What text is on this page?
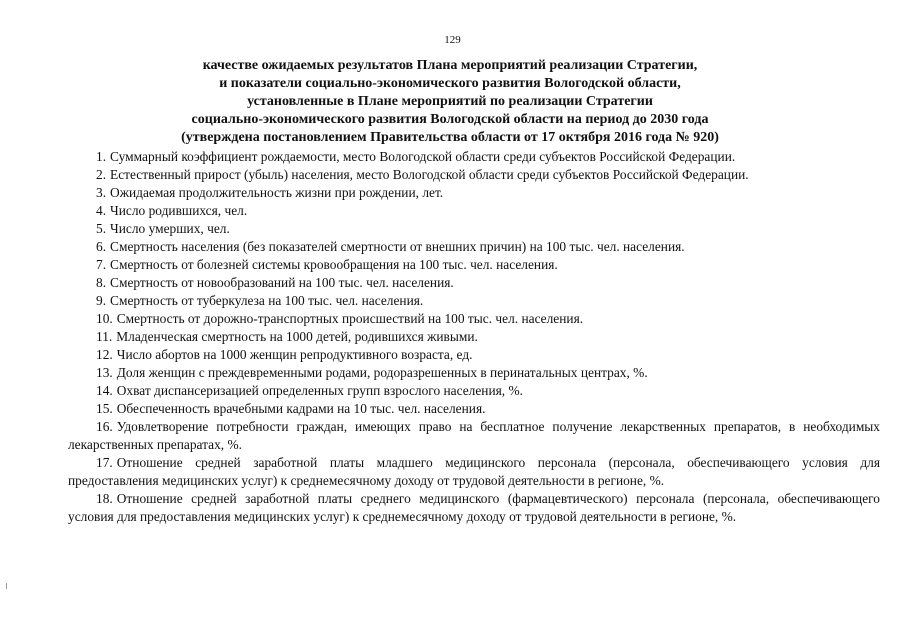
129
качестве ожидаемых результатов Плана мероприятий реализации Стратегии,
и показатели социально-экономического развития Вологодской области,
установленные в Плане мероприятий по реализации Стратегии
социально-экономического развития Вологодской области на период до 2030 года
(утверждена постановлением Правительства области от 17 октября 2016 года № 920)

1. Суммарный коэффициент рождаемости, место Вологодской области среди субъектов Российской Федерации.

2. Естественный прирост (убыль) населения, место Вологодской области среди субъектов Российской Федерации.

3. Ожидаемая продолжительность жизни при рождении, лет.

4. Число родившихся, чел.

5. Число умерших, чел.

6. Смертность населения (без показателей смертности от внешних причин) на 100 тыс. чел. населения.

7. Смертность от болезней системы кровообращения на 100 тыс. чел. населения.

8. Смертность от новообразований на 100 тыс. чел. населения.

9. Смертность от туберкулеза на 100 тыс. чел. населения.

10. Смертность от дорожно-транспортных происшествий на 100 тыс. чел. населения.

11. Младенческая смертность на 1000 детей, родившихся живыми.

12. Число абортов на 1000 женщин репродуктивного возраста, ед.

13. Доля женщин с преждевременными родами, родоразрешенных в перинатальных центрах, %.

14. Охват диспансеризацией определенных групп взрослого населения, %.

15. Обеспеченность врачебными кадрами на 10 тыс. чел. населения.

16. Удовлетворение потребности граждан, имеющих право на бесплатное получение лекарственных препаратов, в необходимых лекарственных препаратах, %.

17. Отношение средней заработной платы младшего медицинского персонала (персонала, обеспечивающего условия для предоставления медицинских услуг) к среднемесячному доходу от трудовой деятельности в регионе, %.

18. Отношение средней заработной платы среднего медицинского (фармацевтического) персонала (персонала, обеспечивающего условия для предоставления медицинских услуг) к среднемесячному доходу от трудовой деятельности в регионе, %.
